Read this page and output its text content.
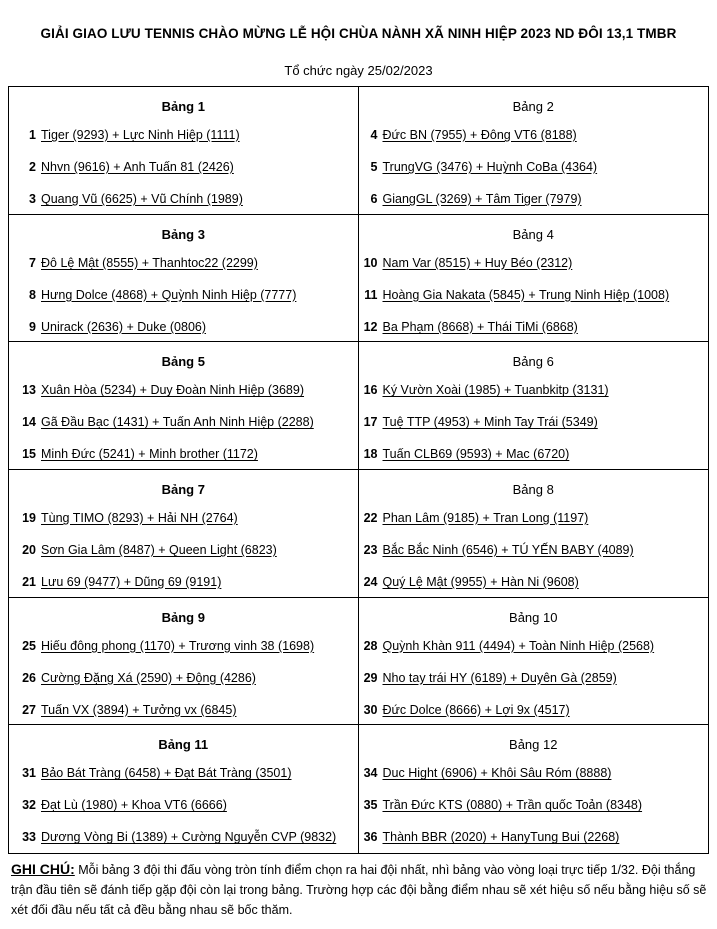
GIẢI GIAO LƯU TENNIS CHÀO MỪNG LỄ HỘI CHÙA NÀNH XÃ NINH HIỆP 2023 ND ĐÔI 13,1 TMBR
Tổ chức ngày 25/02/2023
Bảng 1
1 Tiger (9293) + Lực Ninh Hiệp (1111)
2 Nhvn (9616) + Anh Tuấn 81 (2426)
3 Quang Vũ (6625) + Vũ Chính (1989)
Bảng 2
4 Đức BN (7955) + Đông VT6 (8188)
5 TrungVG (3476) + Huỳnh CoBa (4364)
6 GiangGL (3269) + Tâm Tiger (7979)
Bảng 3
7 Đô Lệ Mật (8555) + Thanhtoc22 (2299)
8 Hưng Dolce (4868) + Quỳnh Ninh Hiệp (7777)
9 Unirack (2636) + Duke (0806)
Bảng 4
10 Nam Var (8515) + Huy Béo (2312)
11 Hoàng Gia Nakata (5845) + Trung Ninh Hiệp (1008)
12 Ba Phạm (8668) + Thái TiMi (6868)
Bảng 5
13 Xuân Hòa (5234) + Duy Đoàn Ninh Hiệp (3689)
14 Gã Đầu Bạc (1431) + Tuấn Anh Ninh Hiệp (2288)
15 Minh Đức (5241) + Minh brother (1172)
Bảng 6
16 Ký Vườn Xoài (1985) + Tuanbkitp (3131)
17 Tuệ TTP (4953) + Minh Tay Trái (5349)
18 Tuấn CLB69 (9593) + Mac (6720)
Bảng 7
19 Tùng TIMO (8293) + Hải NH (2764)
20 Sơn Gia Lâm (8487) + Queen Light (6823)
21 Lưu 69 (9477) + Dũng 69 (9191)
Bảng 8
22 Phan Lâm (9185) + Tran Long (1197)
23 Bắc Bắc Ninh (6546) + TÚ YẾN BABY (4089)
24 Quý Lệ Mật (9955) + Hàn Ni (9608)
Bảng 9
25 Hiếu đông phong (1170) + Trương vinh 38 (1698)
26 Cường Đặng Xá (2590) + Động (4286)
27 Tuấn VX (3894) + Tưởng vx (6845)
Bảng 10
28 Quỳnh Khàn 911 (4494) + Toàn Ninh Hiệp (2568)
29 Nho tay trái HY (6189) + Duyên Gà (2859)
30 Đức Dolce (8666) + Lợi 9x (4517)
Bảng 11
31 Bảo Bát Tràng (6458) + Đạt Bát Tràng (3501)
32 Đạt Lù (1980) + Khoa VT6 (6666)
33 Dương Vòng Bi (1389) + Cường Nguyễn CVP (9832)
Bảng 12
34 Duc Hight (6906) + Khôi Sâu Róm (8888)
35 Trần Đức KTS (0880) + Trần quốc Toản (8348)
36 Thành BBR (2020) + HanyTung Bui (2268)
GHI CHÚ: Mỗi bảng 3 đội thi đấu vòng tròn tính điểm chọn ra hai đội nhất, nhì bảng vào vòng loại trực tiếp 1/32. Đội thắng trận đầu tiên sẽ đánh tiếp gặp đội còn lại trong bảng. Trường hợp các đội bằng điểm nhau sẽ xét hiệu số nếu bằng hiệu số sẽ xét đối đầu nếu tất cả đều bằng nhau sẽ bốc thăm.
